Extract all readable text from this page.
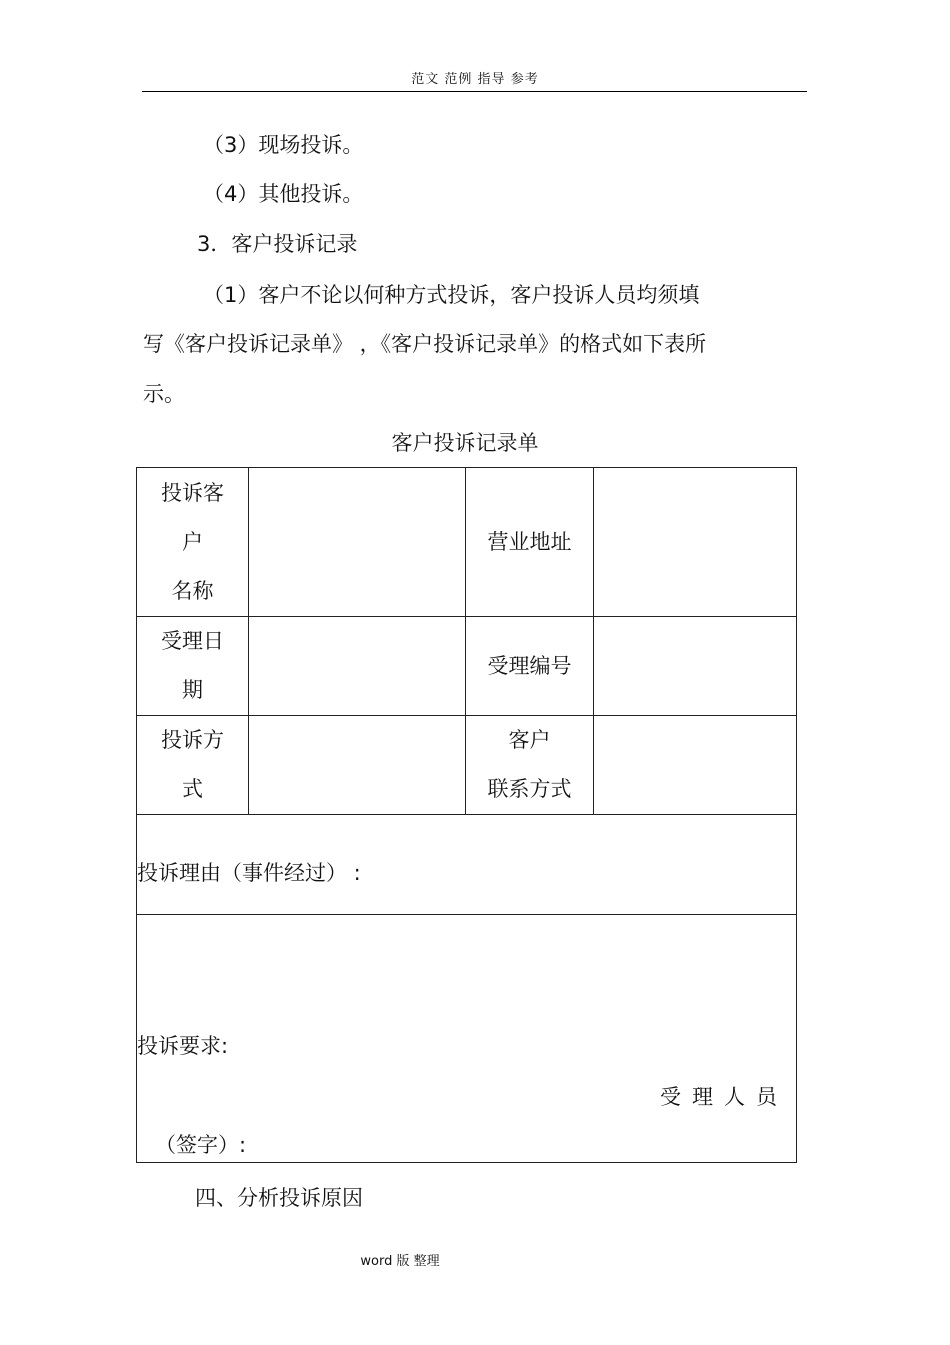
范文 范例 指导 参考
（3）现场投诉。
（4）其他投诉。
3．客户投诉记录
（1）客户不论以何种方式投诉，客户投诉人员均须填
写《客户投诉记录单》 ，《客户投诉记录单》的格式如下表所
示。
客户投诉记录单
投诉客
户
名称		营业地址	

受理日
期		受理编号	

投诉方
式		客户
联系方式	

投诉理由（事件经过） :			

投诉要求:
受理人员
（签字）:			
四、分析投诉原因
word 版 整理
